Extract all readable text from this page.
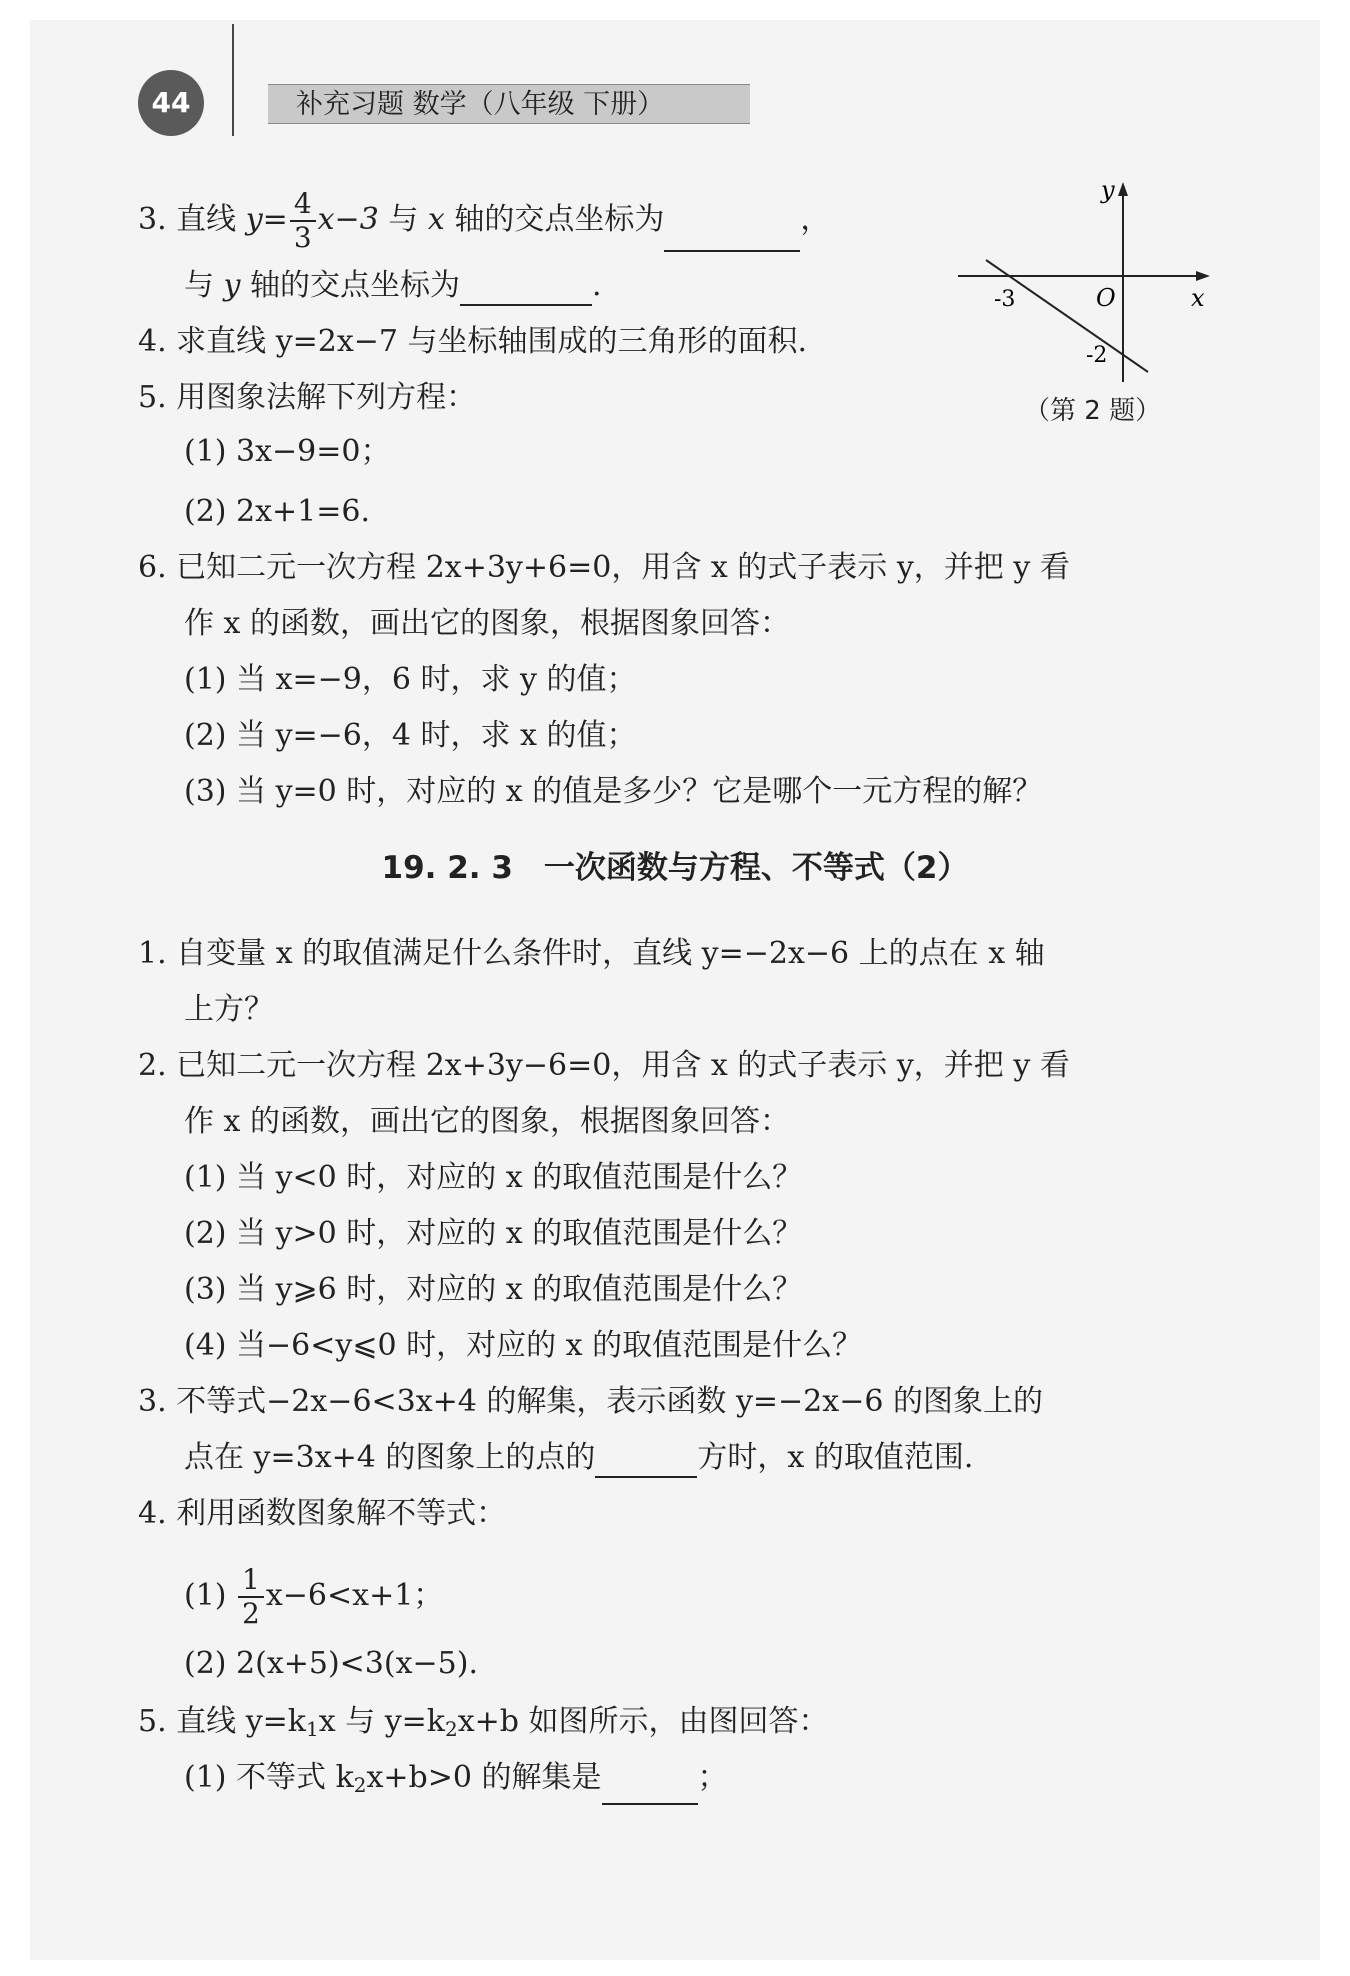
44	补充习题 数学（八年级 下册）
y
x
O
-3
-2
（第 2 题）
3. 直线 $y= \frac{4}{3} x-3$ 与 x 轴的交点坐标为	，
与 y 轴的交点坐标为	.
4. 求直线 y=2x−7 与坐标轴围成的三角形的面积.
5. 用图象法解下列方程：
(1) 3x−9=0；
(2) 2x+1=6.
6. 已知二元一次方程 2x+3y+6=0，用含 x 的式子表示 y，并把 y 看
作 x 的函数，画出它的图象，根据图象回答：
(1) 当 x=−9，6 时，求 y 的值；
(2) 当 y=−6，4 时，求 x 的值；
(3) 当 y=0 时，对应的 x 的值是多少？它是哪个一元方程的解？
19. 2. 3　一次函数与方程、不等式（2）
1. 自变量 x 的取值满足什么条件时，直线 y=−2x−6 上的点在 x 轴
上方？
2. 已知二元一次方程 2x+3y−6=0，用含 x 的式子表示 y，并把 y 看
作 x 的函数，画出它的图象，根据图象回答：
(1) 当 y<0 时，对应的 x 的取值范围是什么？
(2) 当 y>0 时，对应的 x 的取值范围是什么？
(3) 当 y⩾6 时，对应的 x 的取值范围是什么？
(4) 当−6<y⩽0 时，对应的 x 的取值范围是什么？
3. 不等式−2x−6<3x+4 的解集，表示函数 y=−2x−6 的图象上的
点在 y=3x+4 的图象上的点的	方时，x 的取值范围.
4. 利用函数图象解不等式：
$(1) \frac{1}{2} x-6<x+1$；
(2) 2(x+5)<3(x−5).
5. 直线 $y=k_1x$ 与 $y=k_2x+b$ 如图所示，由图回答：
(1) 不等式 $k_2x+b>0$ 的解集是	；
